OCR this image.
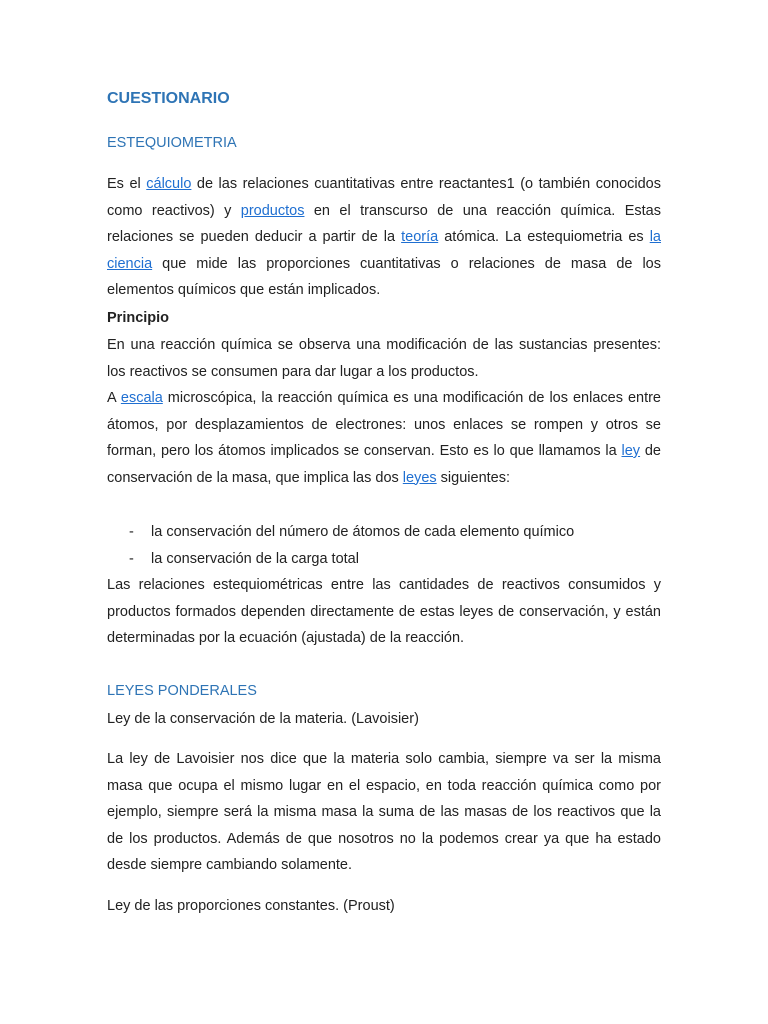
CUESTIONARIO
ESTEQUIOMETRIA

Es el cálculo de las relaciones cuantitativas entre reactantes1 (o también conocidos como reactivos) y productos en el transcurso de una reacción química. Estas relaciones se pueden deducir a partir de la teoría atómica. La estequiometria es la ciencia que mide las proporciones cuantitativas o relaciones de masa de los elementos químicos que están implicados.

Principio

En una reacción química se observa una modificación de las sustancias presentes: los reactivos se consumen para dar lugar a los productos.

A escala microscópica, la reacción química es una modificación de los enlaces entre átomos, por desplazamientos de electrones: unos enlaces se rompen y otros se forman, pero los átomos implicados se conservan. Esto es lo que llamamos la ley de conservación de la masa, que implica las dos leyes siguientes:

- la conservación del número de átomos de cada elemento químico
- la conservación de la carga total

Las relaciones estequiométricas entre las cantidades de reactivos consumidos y productos formados dependen directamente de estas leyes de conservación, y están determinadas por la ecuación (ajustada) de la reacción.

LEYES PONDERALES

Ley de la conservación de la materia. (Lavoisier)

La ley de Lavoisier nos dice que la materia solo cambia, siempre va ser la misma masa que ocupa el mismo lugar en el espacio, en toda reacción química como por ejemplo, siempre será la misma masa la suma de las masas de los reactivos que la de los productos. Además de que nosotros no la podemos crear ya que ha estado desde siempre cambiando solamente.

Ley de las proporciones constantes. (Proust)
